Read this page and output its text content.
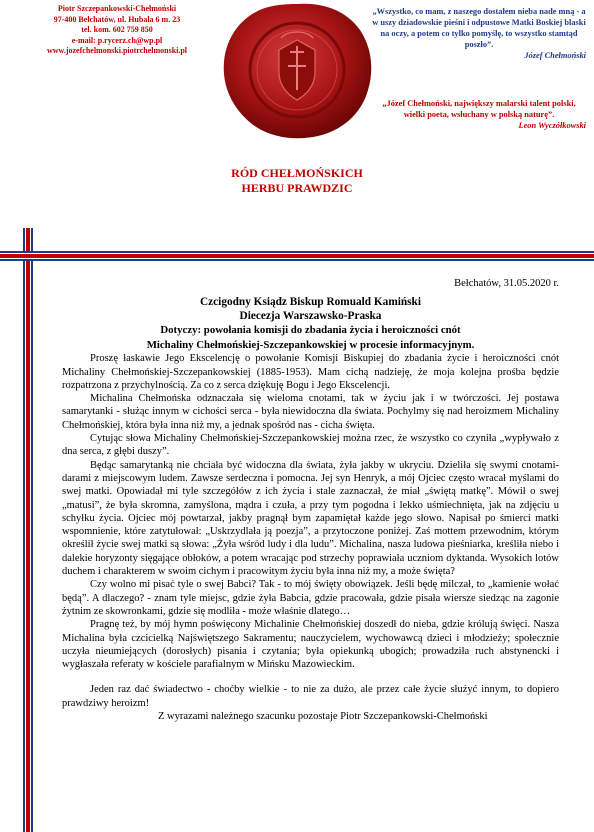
Piotr Szczepankowski-Chełmoński
97-400 Bełchatów, ul. Hubala 6 m. 23
tel. kom. 602 759 850
e-mail: p.rycerz.ch@wp.pl
www.jozefchelmonski.piotrchelmonski.pl
„Wszystko, co mam, z naszego dostałem nieba nade mną - a w uszy dziadowskie pieśni i odpustowe Matki Boskiej blaski na oczy, a potem co tylko pomyślę, to wszystko stamtąd poszło”.
Józef Chełmoński
„Józef Chełmoński, największy malarski talent polski, wielki poeta, wsłuchany w polską naturę”.
Leon Wyczółkowski
RÓD CHEŁMOŃSKICH
HERBU PRAWDZIC

Bełchatów, 31.05.2020 r.

Czcigodny Ksiądz Biskup Romuald Kamiński

Diecezja Warszawsko-Praska

Dotyczy: powołania komisji do zbadania życia i heroiczności cnót

Michaliny Chełmońskiej-Szczepankowskiej w procesie informacyjnym.

Proszę łaskawie Jego Ekscelencję o powołanie Komisji Biskupiej do zbadania życie i heroiczności cnót Michaliny Chełmońskiej-Szczepankowskiej (1885-1953). Mam cichą nadzieję, że moja kolejna prośba będzie rozpatrzona z przychylnością. Za co z serca dziękuję Bogu i Jego Ekscelencji.

Michalina Chełmońska odznaczała się wieloma cnotami, tak w życiu jak i w twórczości. Jej postawa samarytanki - służąc innym w cichości serca - była niewidoczna dla świata. Pochylmy się nad heroizmem Michaliny Chełmońskiej, która była inna niż my, a jednak spośród nas - cicha święta.

Cytując słowa Michaliny Chełmońskiej-Szczepankowskiej można rzec, że wszystko co czyniła „wypływało z dna serca, z głębi duszy”.

Będąc samarytanką nie chciała być widoczna dla świata, żyła jakby w ukryciu. Dzieliła się swymi cnotami-darami z miejscowym ludem. Zawsze serdeczna i pomocna. Jej syn Henryk, a mój Ojciec często wracał myślami do swej matki. Opowiadał mi tyle szczegółów z ich życia i stale zaznaczał, że miał „świętą matkę”. Mówił o swej „matusi”, że była skromna, zamyślona, mądra i czuła, a przy tym pogodna i lekko uśmiechnięta, jak na zdjęciu u schyłku życia. Ojciec mój powtarzał, jakby pragnął bym zapamiętał każde jego słowo. Napisał po śmierci matki wspomnienie, które zatytułował: „Uskrzydlała ją poezja”, a przytoczone poniżej. Zaś mottem przewodnim, którym określił życie swej matki są słowa: „Żyła wśród ludy i dla ludu”. Michalina, nasza ludowa pieśniarka, kreśliła niebo i dalekie horyzonty sięgające obłoków, a potem wracając pod strzechy poprawiała uczniom dyktanda. Wysokich lotów duchem i charakterem w swoim cichym i pracowitym życiu była inna niż my, a może święta?

Czy wolno mi pisać tyle o swej Babci? Tak - to mój święty obowiązek. Jeśli będę milczał, to „kamienie wołać będą”. A dlaczego? - znam tyle miejsc, gdzie żyła Babcia, gdzie pracowała, gdzie pisała wiersze siedząc na zagonie żytnim ze skowronkami, gdzie się modliła - może właśnie dlatego…

Pragnę też, by mój hymn poświęcony Michalinie Chełmońskiej doszedł do nieba, gdzie królują święci. Nasza Michalina była czcicielką Najświętszego Sakramentu; nauczycielem, wychowawcą dzieci i młodzieży; społecznie uczyła nieumiejących (dorosłych) pisania i czytania; była opiekunką ubogich; prowadziła ruch abstynencki i wygłaszała referaty w kościele parafialnym w Mińsku Mazowieckim.

Jeden raz dać świadectwo - choćby wielkie - to nie za dużo, ale przez całe życie służyć innym, to dopiero prawdziwy heroizm!

Z wyrazami należnego szacunku pozostaje Piotr Szczepankowski-Chełmoński
